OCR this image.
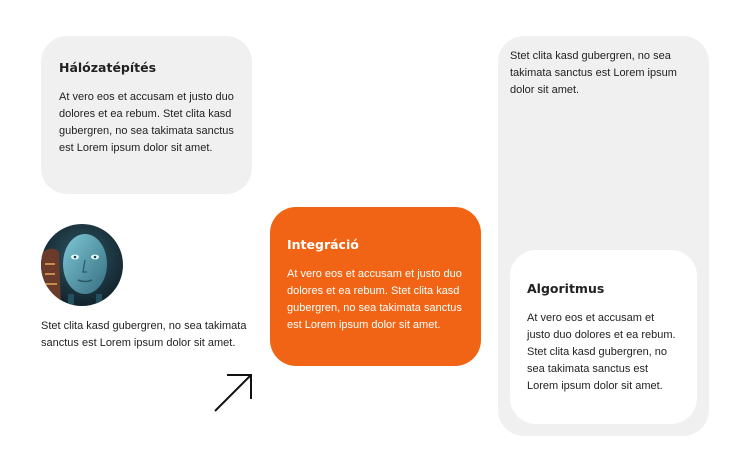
Hálózatépítés

At vero eos et accusam et justo duo dolores et ea rebum. Stet clita kasd gubergren, no sea takimata sanctus est Lorem ipsum dolor sit amet.

Stet clita kasd gubergren, no sea takimata sanctus est Lorem ipsum dolor sit amet.

Integráció

At vero eos et accusam et justo duo dolores et ea rebum. Stet clita kasd gubergren, no sea takimata sanctus est Lorem ipsum dolor sit amet.

Stet clita kasd gubergren, no sea takimata sanctus est Lorem ipsum dolor sit amet.

Algoritmus

At vero eos et accusam et justo duo dolores et ea rebum. Stet clita kasd gubergren, no sea takimata sanctus est Lorem ipsum dolor sit amet.
